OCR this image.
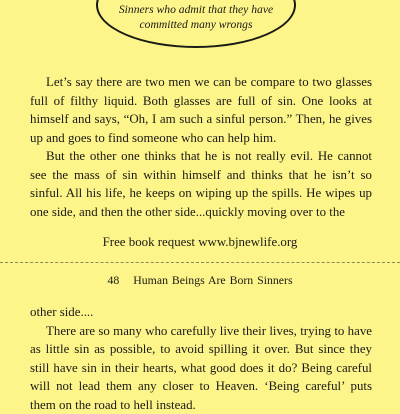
Sinners who admit that they have
committed many wrongs

Let’s say there are two men we can be compare to two glasses full of filthy liquid. Both glasses are full of sin. One looks at himself and says, “Oh, I am such a sinful person.” Then, he gives up and goes to find someone who can help him.

But the other one thinks that he is not really evil. He cannot see the mass of sin within himself and thinks that he isn’t so sinful. All his life, he keeps on wiping up the spills. He wipes up one side, and then the other side...quickly moving over to the

Free book request www.bjnewlife.org
48 Human Beings Are Born Sinners

other side....

There are so many who carefully live their lives, trying to have as little sin as possible, to avoid spilling it over. But since they still have sin in their hearts, what good does it do? Being careful will not lead them any closer to Heaven. ‘Being careful’ puts them on the road to hell instead.
